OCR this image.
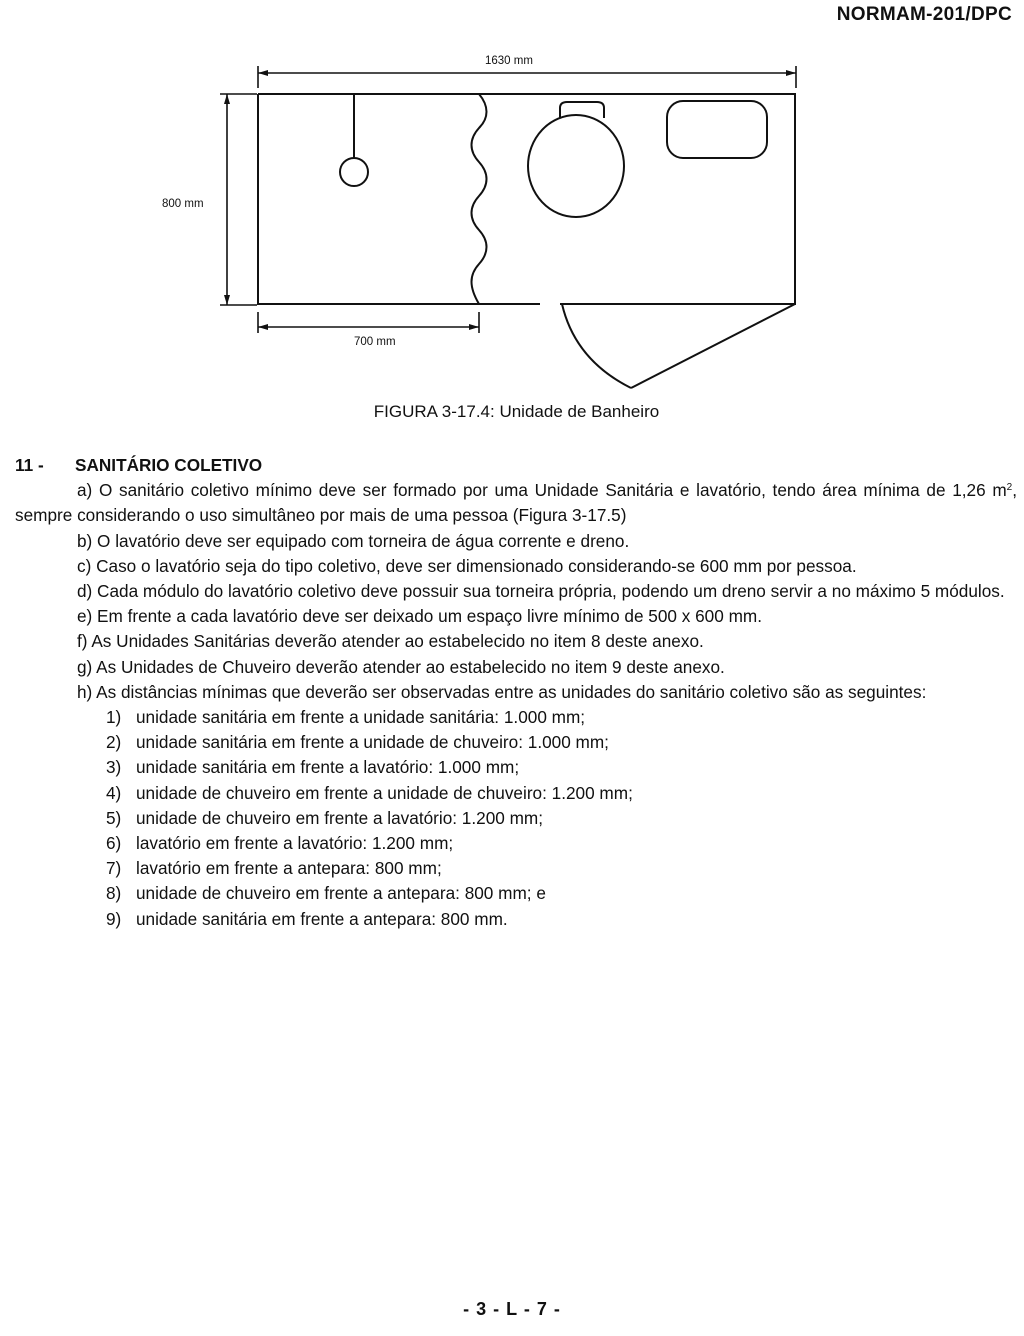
NORMAM-201/DPC
1630 mm
800 mm
700 mm
FIGURA 3-17.4: Unidade de Banheiro
11 -	SANITÁRIO COLETIVO

a) O sanitário coletivo mínimo deve ser formado por uma Unidade Sanitária e lavatório, tendo área mínima de 1,26 $m^2$, sempre considerando o uso simultâneo por mais de uma pessoa (Figura 3-17.5)

b) O lavatório deve ser equipado com torneira de água corrente e dreno.

c) Caso o lavatório seja do tipo coletivo, deve ser dimensionado considerando-se 600 mm por pessoa.

d) Cada módulo do lavatório coletivo deve possuir sua torneira própria, podendo um dreno servir a no máximo 5 módulos.

e) Em frente a cada lavatório deve ser deixado um espaço livre mínimo de 500 x 600 mm.

f) As Unidades Sanitárias deverão atender ao estabelecido no item 8 deste anexo.

g) As Unidades de Chuveiro deverão atender ao estabelecido no item 9 deste anexo.

h) As distâncias mínimas que deverão ser observadas entre as unidades do sanitário coletivo são as seguintes:

1) unidade sanitária em frente a unidade sanitária: 1.000 mm;
2) unidade sanitária em frente a unidade de chuveiro: 1.000 mm;
3) unidade sanitária em frente a lavatório: 1.000 mm;
4) unidade de chuveiro em frente a unidade de chuveiro: 1.200 mm;
5) unidade de chuveiro em frente a lavatório: 1.200 mm;
6) lavatório em frente a lavatório: 1.200 mm;
7) lavatório em frente a antepara: 800 mm;
8) unidade de chuveiro em frente a antepara: 800 mm; e
9) unidade sanitária em frente a antepara: 800 mm.
- 3 - L - 7 -
